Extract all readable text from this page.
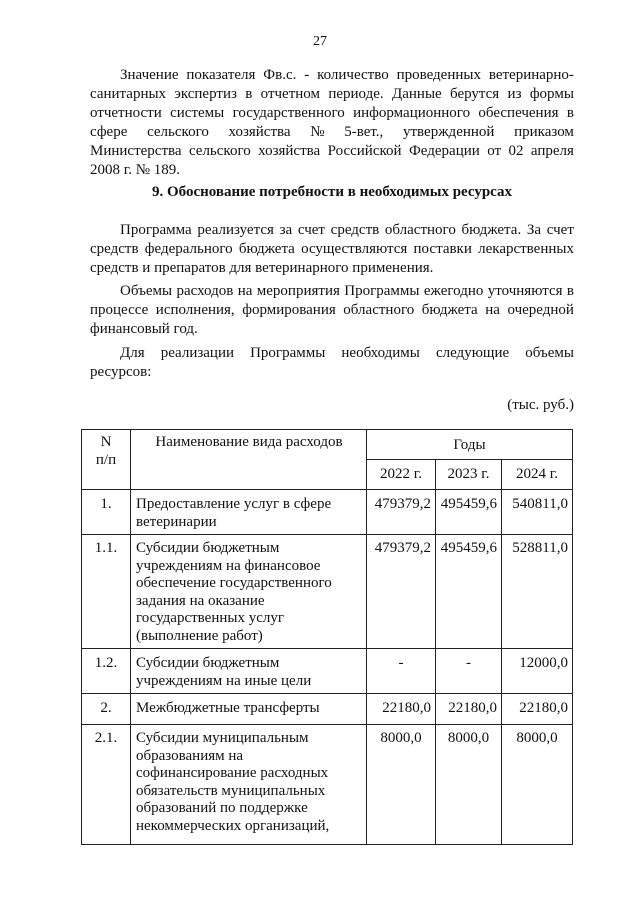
27
Значение показателя Фв.с. - количество проведенных ветеринарно-
санитарных экспертиз в отчетном периоде. Данные берутся из формы
отчетности системы государственного информационного обеспечения в
сфере сельского хозяйства № 5-вет., утвержденной приказом
Министерства сельского хозяйства Российской Федерации от 02 апреля
2008 г. № 189.
9. Обоснование потребности в необходимых ресурсах
Программа реализуется за счет средств областного бюджета. За счет
средств федерального бюджета осуществляются поставки лекарственных
средств и препаратов для ветеринарного применения.
Объемы расходов на мероприятия Программы ежегодно уточняются в
процессе исполнения, формирования областного бюджета на очередной
финансовый год.
Для реализации Программы необходимы следующие объемы
ресурсов:
(тыс. руб.)
N
п/п	Наименование вида расходов	Годы		
		2022 г.	2023 г.	2024 г.
1.	Предоставление услуг в сфере ветеринарии	479379,2	495459,6	540811,0
1.1.	Субсидии бюджетным учреждениям на финансовое обеспечение государственного задания на оказание государственных услуг (выполнение работ)	479379,2	495459,6	528811,0
1.2.	Субсидии бюджетным учреждениям на иные цели	-	-	12000,0
2.	Межбюджетные трансферты	22180,0	22180,0	22180,0
2.1.	Субсидии муниципальным образованиям на софинансирование расходных обязательств муниципальных образований по поддержке некоммерческих организаций,	8000,0	8000,0	8000,0
